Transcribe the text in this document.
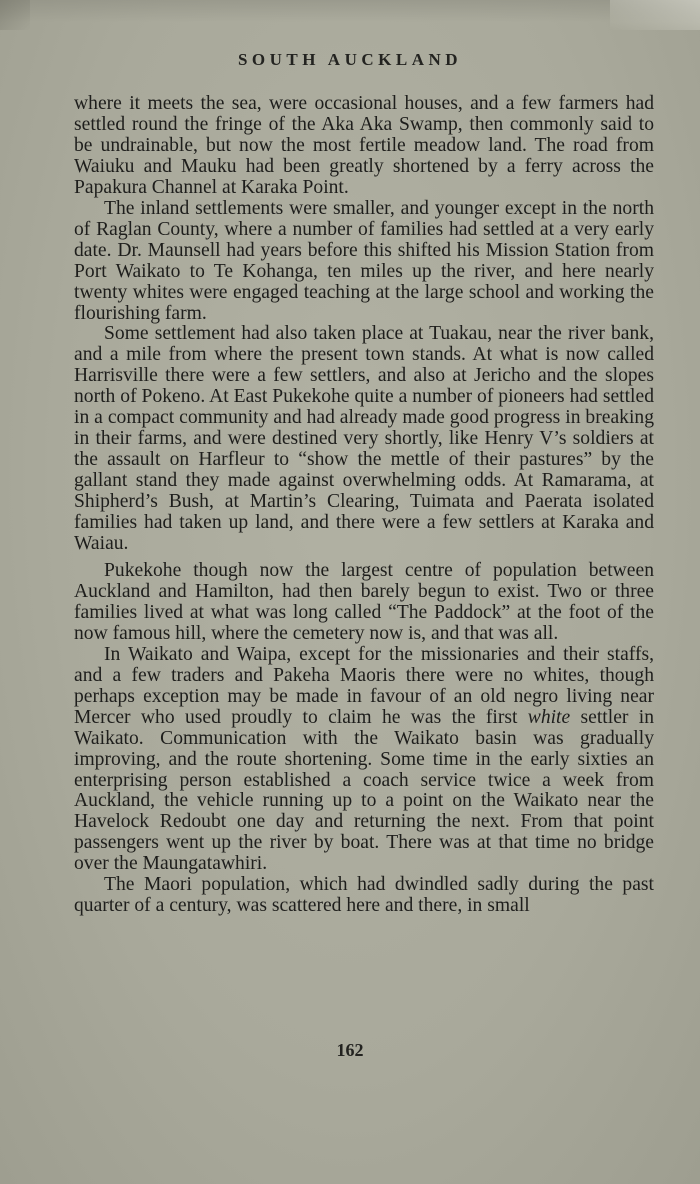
SOUTH AUCKLAND

where it meets the sea, were occasional houses, and a few farmers had settled round the fringe of the Aka Aka Swamp, then commonly said to be undrainable, but now the most fertile meadow land. The road from Waiuku and Mauku had been greatly shortened by a ferry across the Papakura Channel at Karaka Point.

The inland settlements were smaller, and younger except in the north of Raglan County, where a number of families had settled at a very early date. Dr. Maunsell had years before this shifted his Mission Station from Port Waikato to Te Kohanga, ten miles up the river, and here nearly twenty whites were engaged teaching at the large school and working the flourishing farm.

Some settlement had also taken place at Tuakau, near the river bank, and a mile from where the present town stands. At what is now called Harrisville there were a few settlers, and also at Jericho and the slopes north of Pokeno. At East Pukekohe quite a number of pioneers had settled in a compact community and had already made good progress in breaking in their farms, and were destined very shortly, like Henry V’s soldiers at the assault on Harfleur to “show the mettle of their pastures” by the gallant stand they made against overwhelming odds. At Ramarama, at Shipherd’s Bush, at Martin’s Clearing, Tuimata and Paerata isolated families had taken up land, and there were a few settlers at Karaka and Waiau.

Pukekohe though now the largest centre of population between Auckland and Hamilton, had then barely begun to exist. Two or three families lived at what was long called “The Paddock” at the foot of the now famous hill, where the cemetery now is, and that was all.

In Waikato and Waipa, except for the missionaries and their staffs, and a few traders and Pakeha Maoris there were no whites, though perhaps exception may be made in favour of an old negro living near Mercer who used proudly to claim he was the first white settler in Waikato. Communication with the Waikato basin was gradually improving, and the route shortening. Some time in the early sixties an enterprising person established a coach service twice a week from Auckland, the vehicle running up to a point on the Waikato near the Havelock Redoubt one day and returning the next. From that point passengers went up the river by boat. There was at that time no bridge over the Maungatawhiri.

The Maori population, which had dwindled sadly during the past quarter of a century, was scattered here and there, in small

162
